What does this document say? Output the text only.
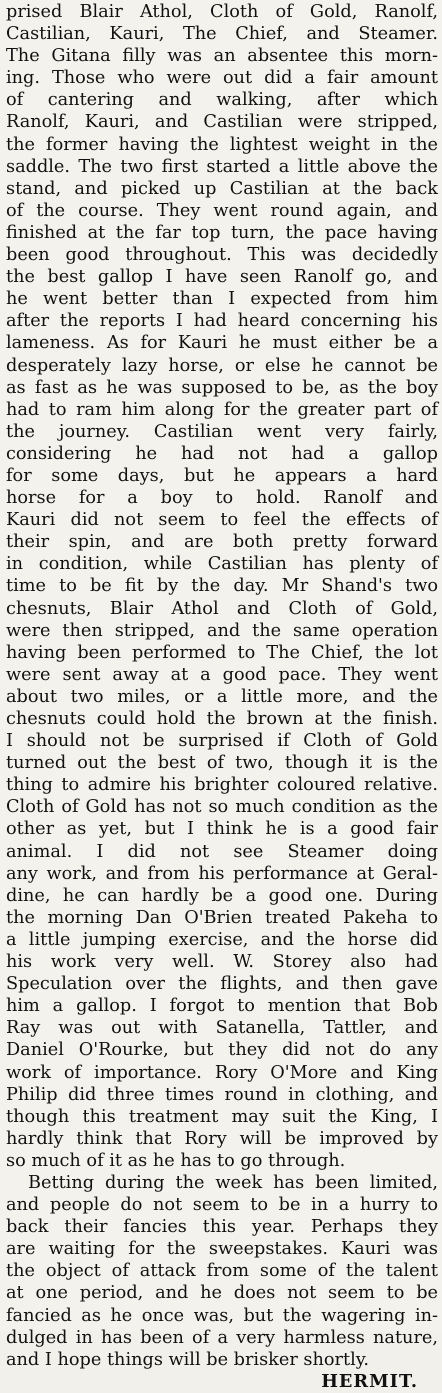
prised Blair Athol, Cloth of Gold, Ranolf,
Castilian, Kauri, The Chief, and Steamer.
The Gitana filly was an absentee this morn-
ing. Those who were out did a fair amount
of cantering and walking, after which
Ranolf, Kauri, and Castilian were stripped,
the former having the lightest weight in the
saddle. The two first started a little above the
stand, and picked up Castilian at the back
of the course. They went round again, and
finished at the far top turn, the pace having
been good throughout. This was decidedly
the best gallop I have seen Ranolf go, and
he went better than I expected from him
after the reports I had heard concerning his
lameness. As for Kauri he must either be a
desperately lazy horse, or else he cannot be
as fast as he was supposed to be, as the boy
had to ram him along for the greater part of
the journey. Castilian went very fairly,
considering he had not had a gallop
for some days, but he appears a hard
horse for a boy to hold. Ranolf and
Kauri did not seem to feel the effects of
their spin, and are both pretty forward
in condition, while Castilian has plenty of
time to be fit by the day. Mr Shand's two
chesnuts, Blair Athol and Cloth of Gold,
were then stripped, and the same operation
having been performed to The Chief, the lot
were sent away at a good pace. They went
about two miles, or a little more, and the
chesnuts could hold the brown at the finish.
I should not be surprised if Cloth of Gold
turned out the best of two, though it is the
thing to admire his brighter coloured relative.
Cloth of Gold has not so much condition as the
other as yet, but I think he is a good fair
animal. I did not see Steamer doing
any work, and from his performance at Geral-
dine, he can hardly be a good one. During
the morning Dan O'Brien treated Pakeha to
a little jumping exercise, and the horse did
his work very well. W. Storey also had
Speculation over the flights, and then gave
him a gallop. I forgot to mention that Bob
Ray was out with Satanella, Tattler, and
Daniel O'Rourke, but they did not do any
work of importance. Rory O'More and King
Philip did three times round in clothing, and
though this treatment may suit the King, I
hardly think that Rory will be improved by
so much of it as he has to go through.

Betting during the week has been limited,
and people do not seem to be in a hurry to
back their fancies this year. Perhaps they
are waiting for the sweepstakes. Kauri was
the object of attack from some of the talent
at one period, and he does not seem to be
fancied as he once was, but the wagering in-
dulged in has been of a very harmless nature,
and I hope things will be brisker shortly.

HERMIT.
